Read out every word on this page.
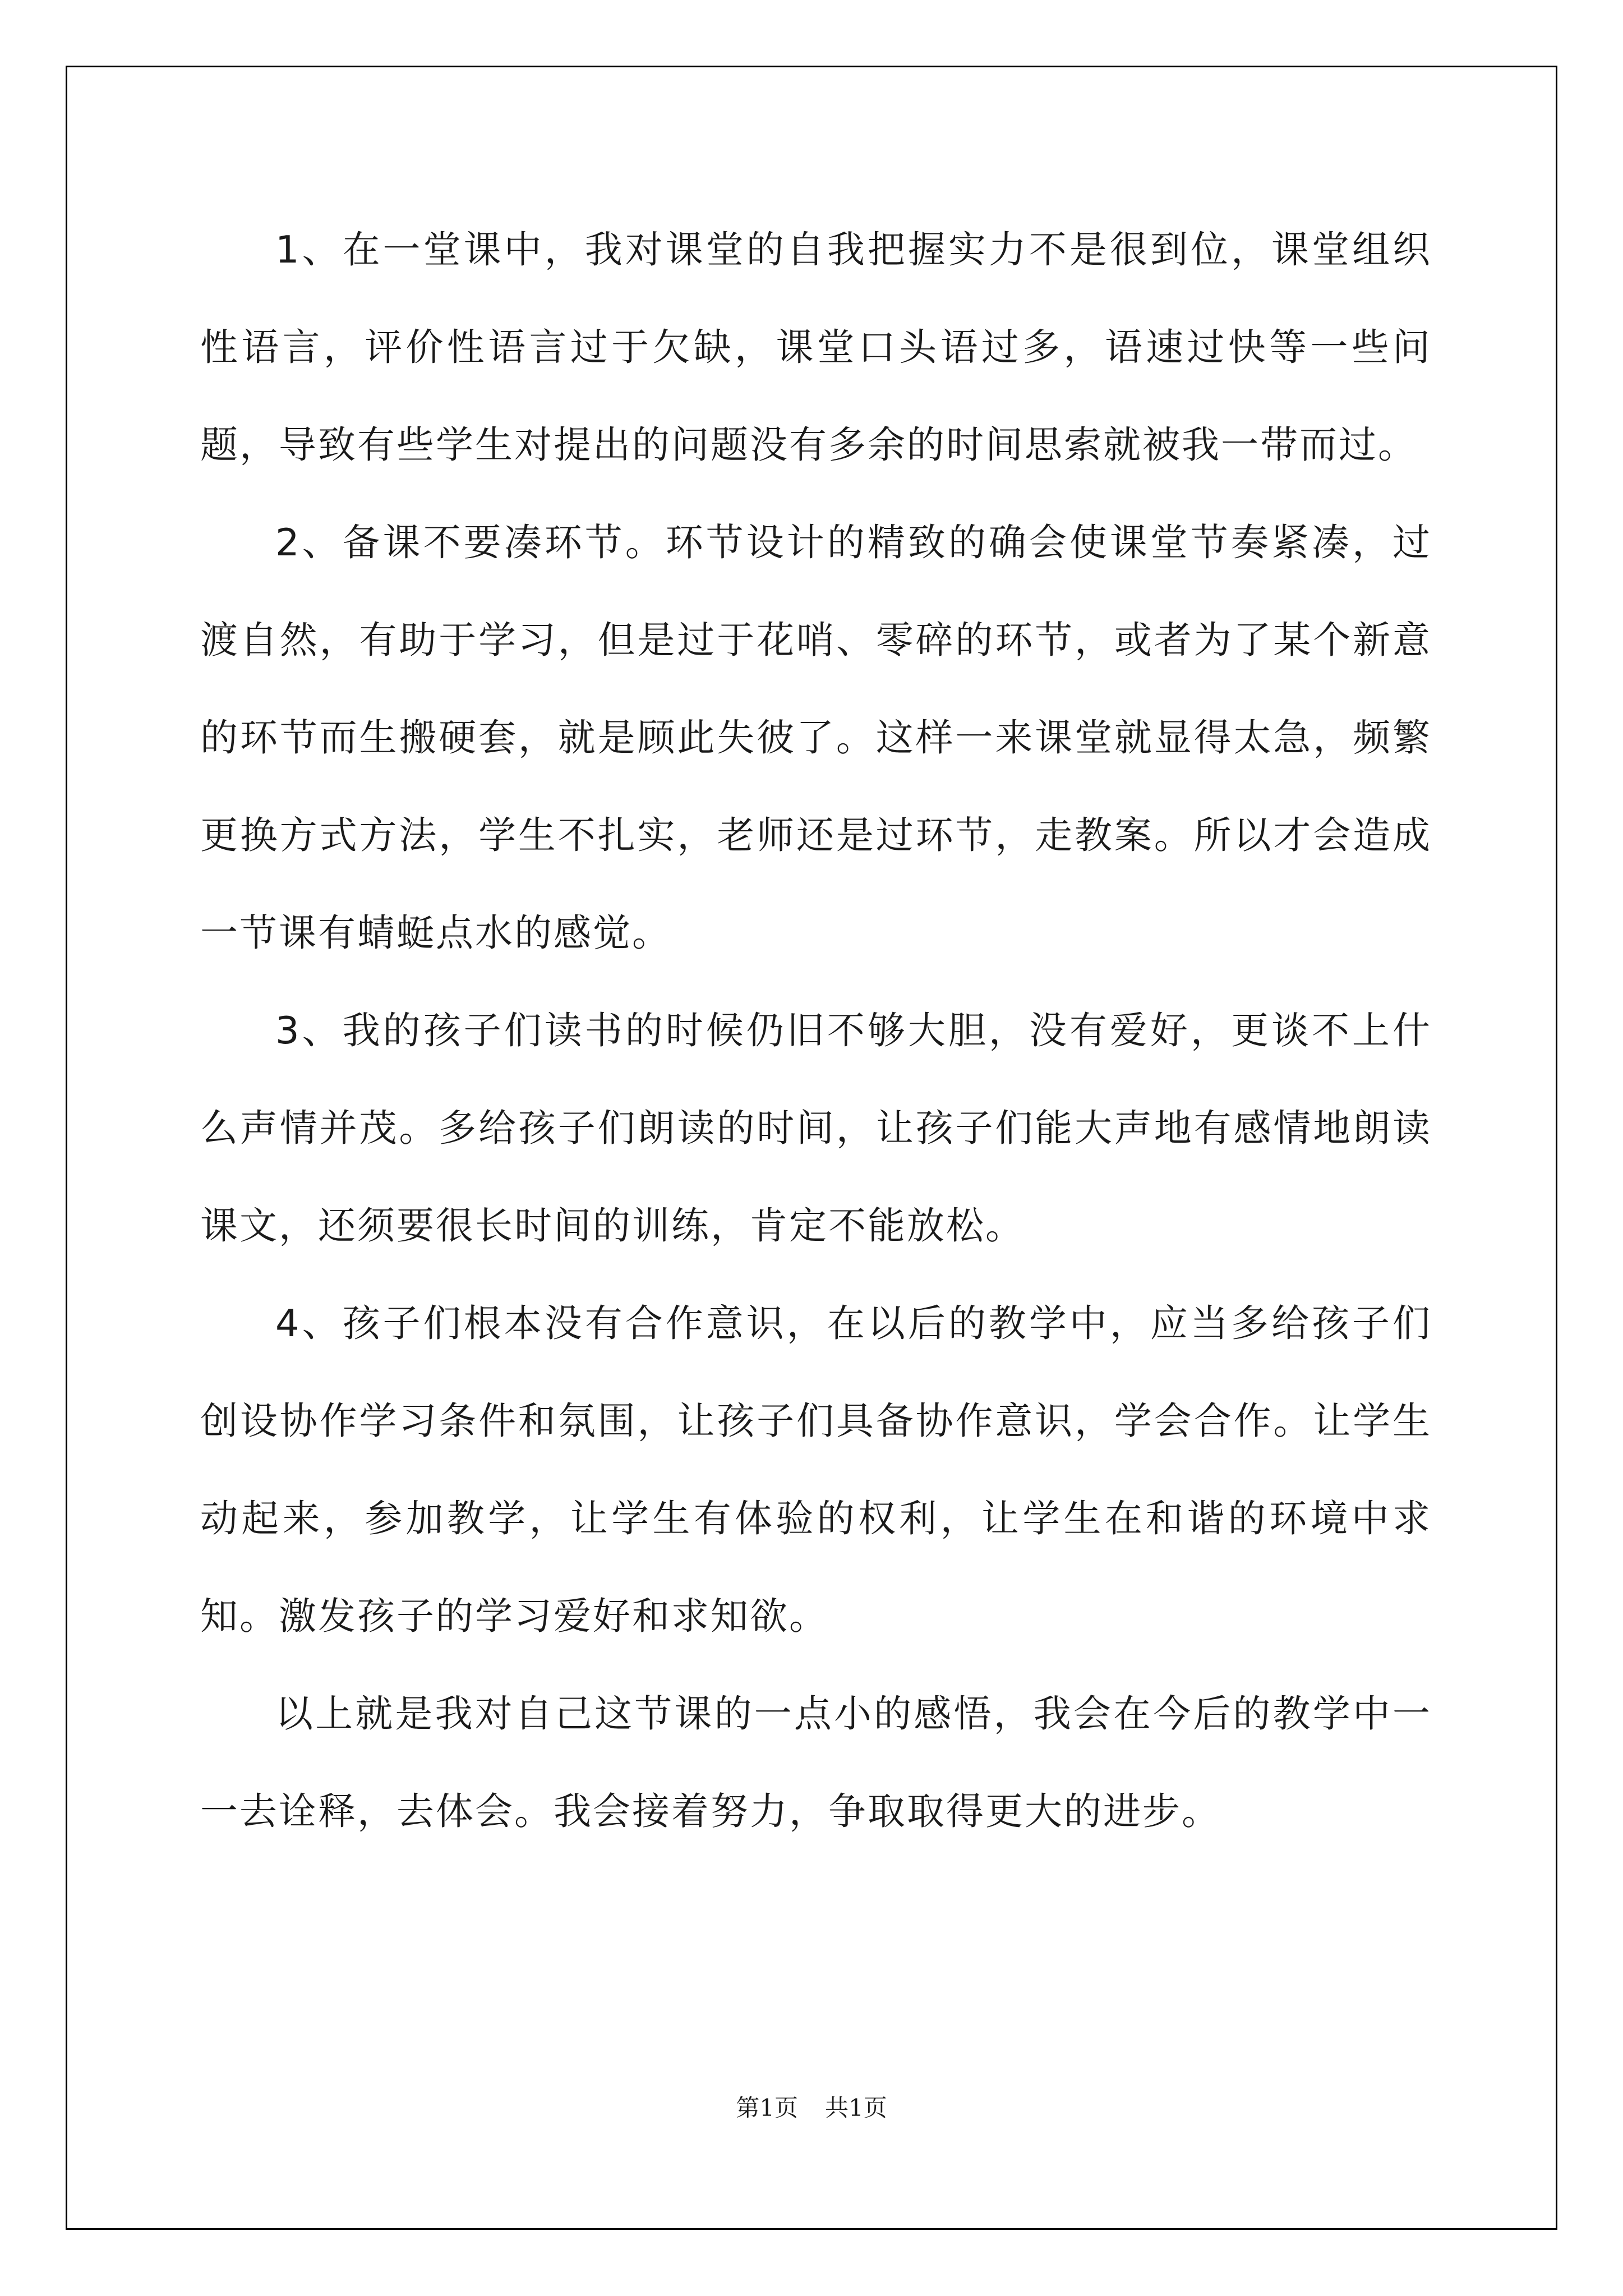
1、在一堂课中，我对课堂的自我把握实力不是很到位，课堂组织性语言，评价性语言过于欠缺，课堂口头语过多，语速过快等一些问题，导致有些学生对提出的问题没有多余的时间思索就被我一带而过。

2、备课不要凑环节。环节设计的精致的确会使课堂节奏紧凑，过渡自然，有助于学习，但是过于花哨、零碎的环节，或者为了某个新意的环节而生搬硬套，就是顾此失彼了。这样一来课堂就显得太急，频繁更换方式方法，学生不扎实，老师还是过环节，走教案。所以才会造成一节课有蜻蜓点水的感觉。

3、我的孩子们读书的时候仍旧不够大胆，没有爱好，更谈不上什么声情并茂。多给孩子们朗读的时间，让孩子们能大声地有感情地朗读课文，还须要很长时间的训练，肯定不能放松。

4、孩子们根本没有合作意识，在以后的教学中，应当多给孩子们创设协作学习条件和氛围，让孩子们具备协作意识，学会合作。让学生动起来，参加教学，让学生有体验的权利，让学生在和谐的环境中求知。激发孩子的学习爱好和求知欲。

以上就是我对自己这节课的一点小的感悟，我会在今后的教学中一一去诠释，去体会。我会接着努力，争取取得更大的进步。

第1页 共1页
